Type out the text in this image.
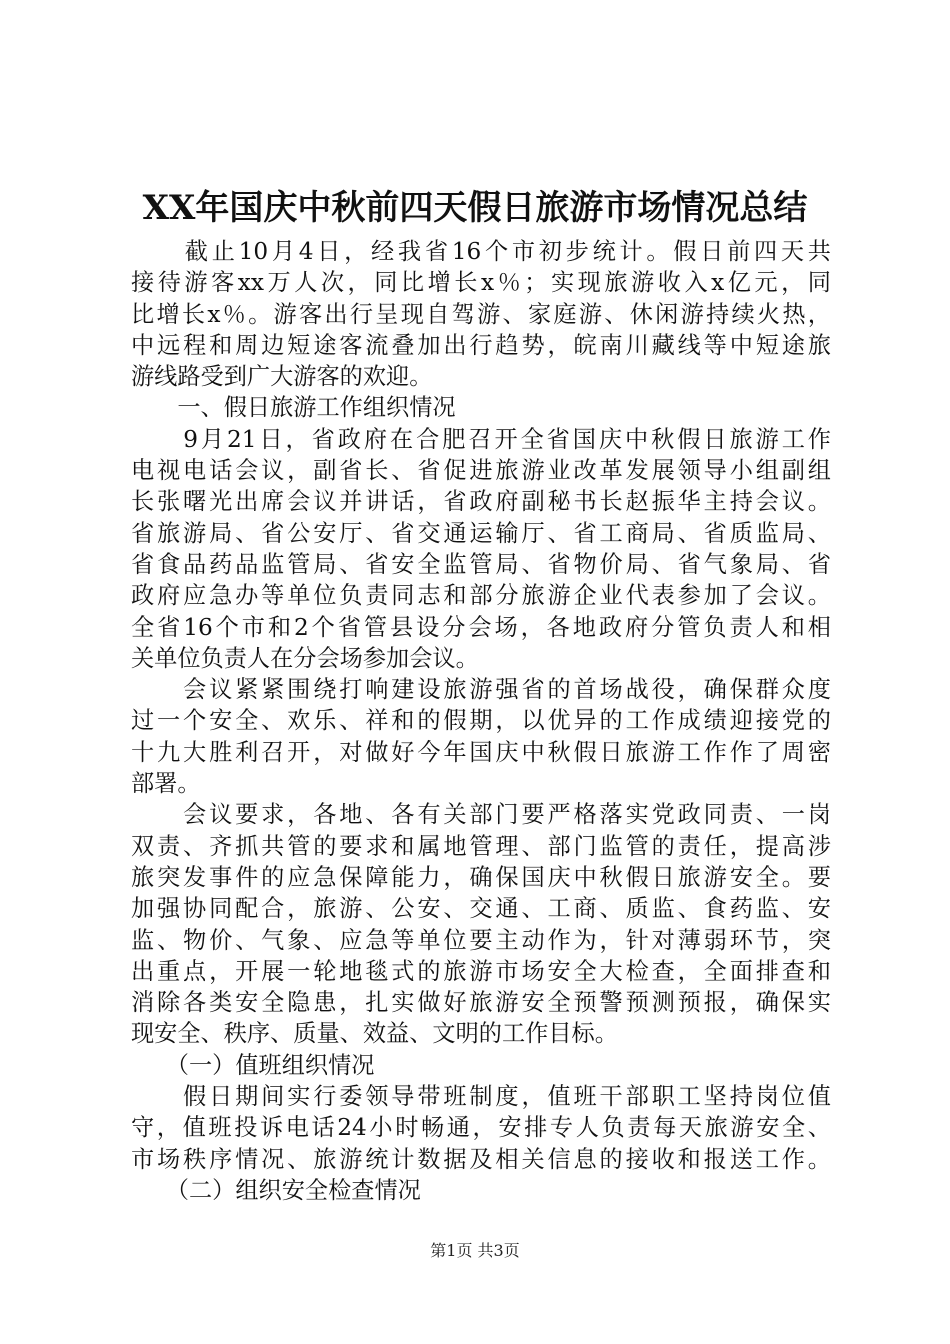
XX年国庆中秋前四天假日旅游市场情况总结
　　截止10月4日，经我省16个市初步统计。假日前四天共
接待游客xx万人次，同比增长x％；实现旅游收入x亿元，同
比增长x％。游客出行呈现自驾游、家庭游、休闲游持续火热，
中远程和周边短途客流叠加出行趋势，皖南川藏线等中短途旅
游线路受到广大游客的欢迎。
　　一、假日旅游工作组织情况
　　9月21日，省政府在合肥召开全省国庆中秋假日旅游工作
电视电话会议，副省长、省促进旅游业改革发展领导小组副组
长张曙光出席会议并讲话，省政府副秘书长赵振华主持会议。
省旅游局、省公安厅、省交通运输厅、省工商局、省质监局、
省食品药品监管局、省安全监管局、省物价局、省气象局、省
政府应急办等单位负责同志和部分旅游企业代表参加了会议。
全省16个市和2个省管县设分会场，各地政府分管负责人和相
关单位负责人在分会场参加会议。
　　会议紧紧围绕打响建设旅游强省的首场战役，确保群众度
过一个安全、欢乐、祥和的假期，以优异的工作成绩迎接党的
十九大胜利召开，对做好今年国庆中秋假日旅游工作作了周密
部署。
　　会议要求，各地、各有关部门要严格落实党政同责、一岗
双责、齐抓共管的要求和属地管理、部门监管的责任，提高涉
旅突发事件的应急保障能力，确保国庆中秋假日旅游安全。要
加强协同配合，旅游、公安、交通、工商、质监、食药监、安
监、物价、气象、应急等单位要主动作为，针对薄弱环节，突
出重点，开展一轮地毯式的旅游市场安全大检查，全面排查和
消除各类安全隐患，扎实做好旅游安全预警预测预报，确保实
现安全、秩序、质量、效益、文明的工作目标。
　　（一）值班组织情况
　　假日期间实行委领导带班制度，值班干部职工坚持岗位值
守，值班投诉电话24小时畅通，安排专人负责每天旅游安全、
市场秩序情况、旅游统计数据及相关信息的接收和报送工作。
　　（二）组织安全检查情况
第1页 共3页
